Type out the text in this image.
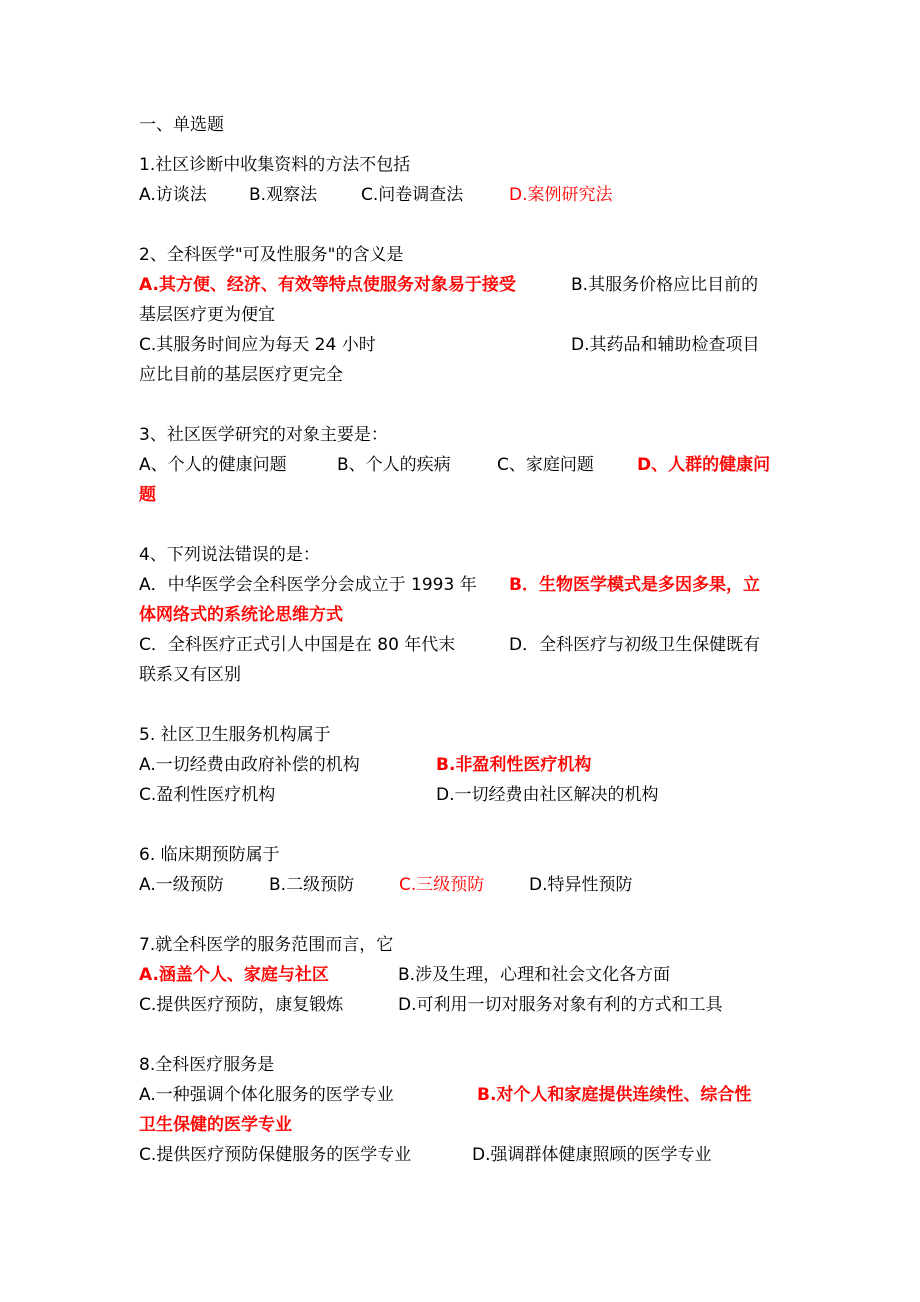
一、单选题
1.社区诊断中收集资料的方法不包括
A.访谈法 B.观察法	C.问卷调查法	D.案例研究法
2、全科医学"可及性服务"的含义是
A.其方便、经济、有效等特点使服务对象易于接受	B.其服务价格应比目前的
基层医疗更为便宜
C.其服务时间应为每天 24 小时	D.其药品和辅助检查项目
应比目前的基层医疗更完全
3、社区医学研究的对象主要是：
A、个人的健康问题	B、个人的疾病	C、家庭问题	D、人群的健康问
题
4、下列说法错误的是：
A．中华医学会全科医学分会成立于 1993 年 B．生物医学模式是多因多果，立
体网络式的系统论思维方式
C．全科医疗正式引人中国是在 80 年代末	D．全科医疗与初级卫生保健既有
联系又有区别
5. 社区卫生服务机构属于
A.一切经费由政府补偿的机构	B.非盈利性医疗机构
C.盈利性医疗机构	D.一切经费由社区解决的机构
6. 临床期预防属于
A.一级预防	B.二级预防	C.三级预防	D.特异性预防
7.就全科医学的服务范围而言，它
A.涵盖个人、家庭与社区	B.涉及生理，心理和社会文化各方面
C.提供医疗预防，康复锻炼	D.可利用一切对服务对象有利的方式和工具
8.全科医疗服务是
A.一种强调个体化服务的医学专业	B.对个人和家庭提供连续性、综合性
卫生保健的医学专业
C.提供医疗预防保健服务的医学专业	D.强调群体健康照顾的医学专业
